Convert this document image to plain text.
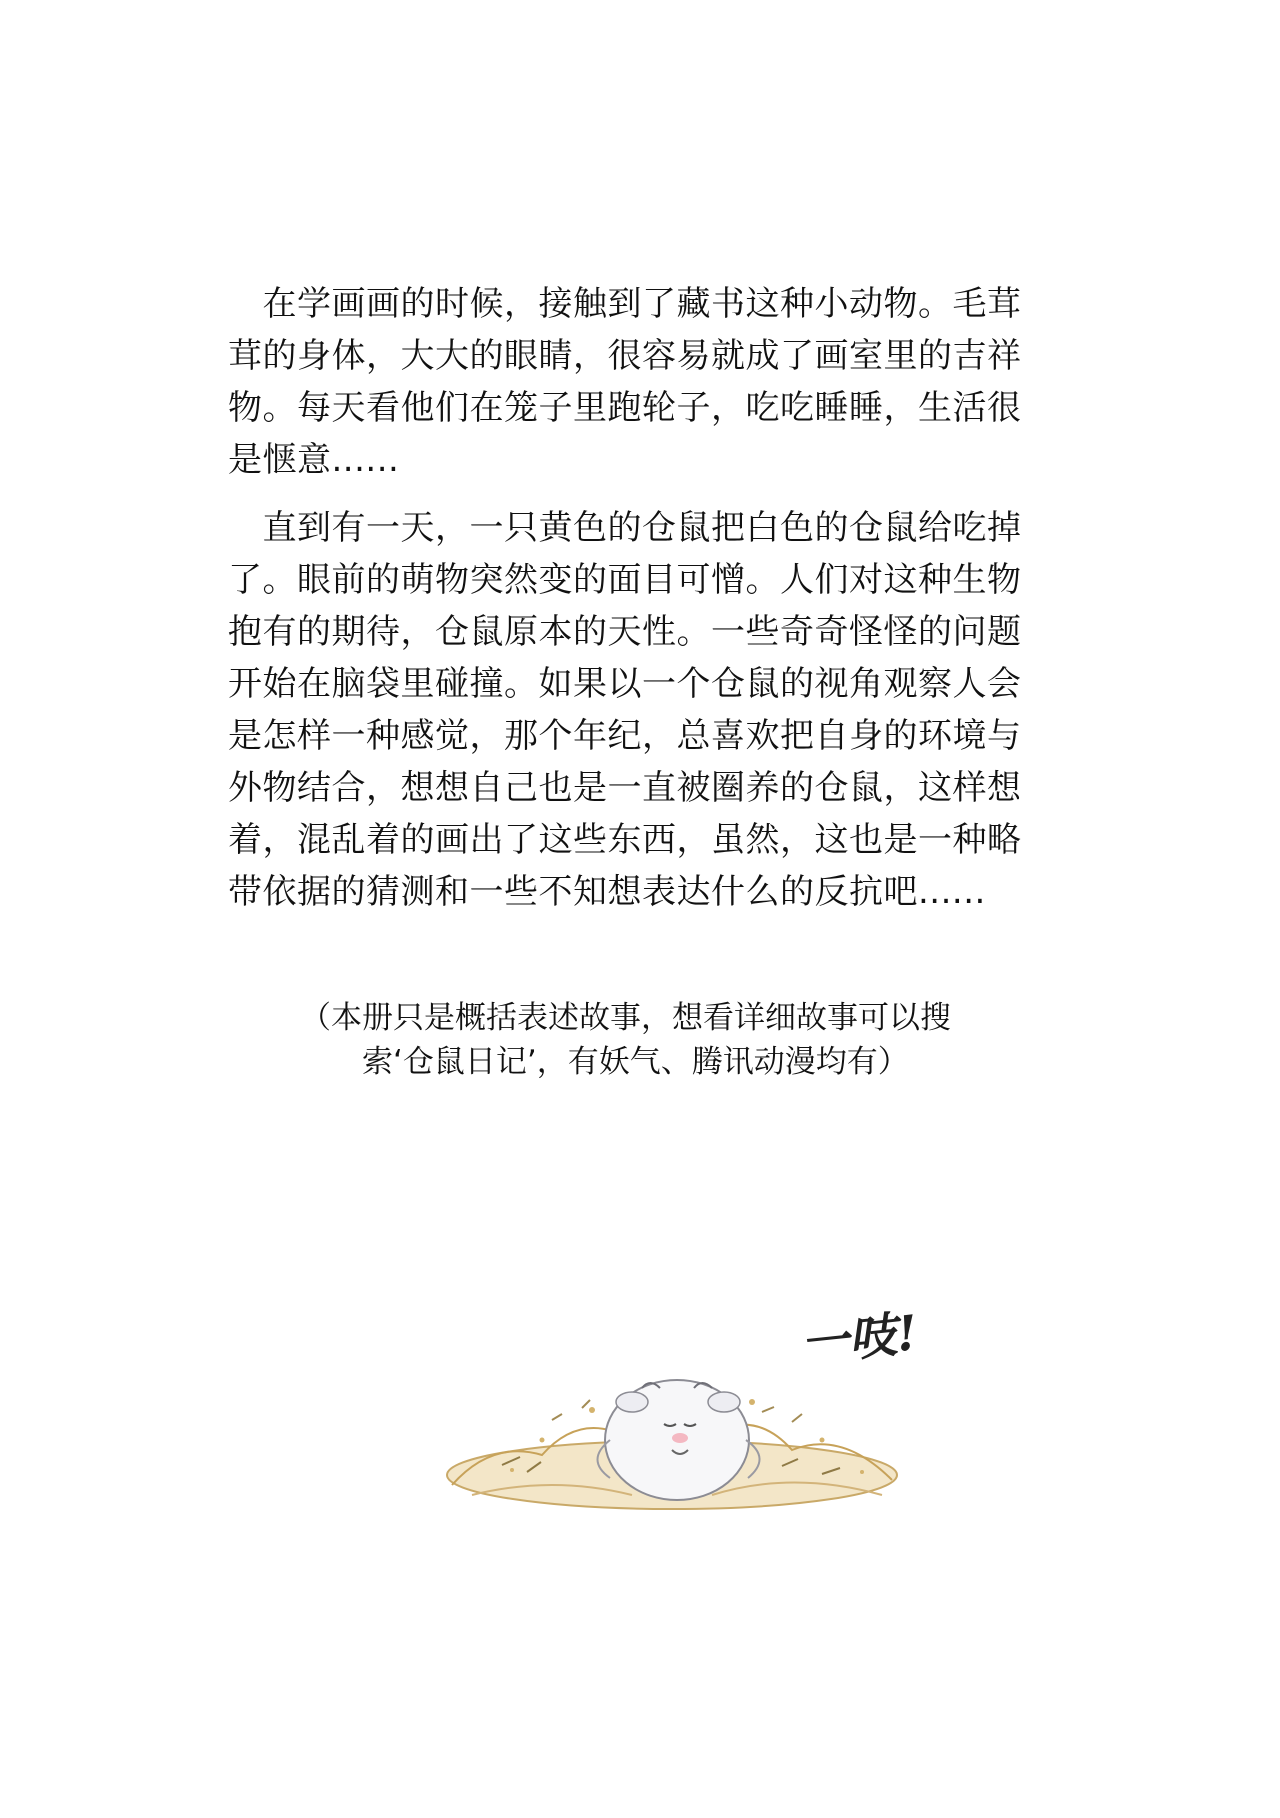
　在学画画的时候，接触到了藏书这种小动物。毛茸
茸的身体，大大的眼睛，很容易就成了画室里的吉祥
物。每天看他们在笼子里跑轮子，吃吃睡睡，生活很
是惬意......
　直到有一天，一只黄色的仓鼠把白色的仓鼠给吃掉
了。眼前的萌物突然变的面目可憎。人们对这种生物
抱有的期待，仓鼠原本的天性。一些奇奇怪怪的问题
开始在脑袋里碰撞。如果以一个仓鼠的视角观察人会
是怎样一种感觉，那个年纪，总喜欢把自身的环境与
外物结合，想想自己也是一直被圈养的仓鼠，这样想
着，混乱着的画出了这些东西，虽然，这也是一种略
带依据的猜测和一些不知想表达什么的反抗吧......
（本册只是概括表述故事，想看详细故事可以搜
　　索‘仓鼠日记’，有妖气、腾讯动漫均有）
一吱!
